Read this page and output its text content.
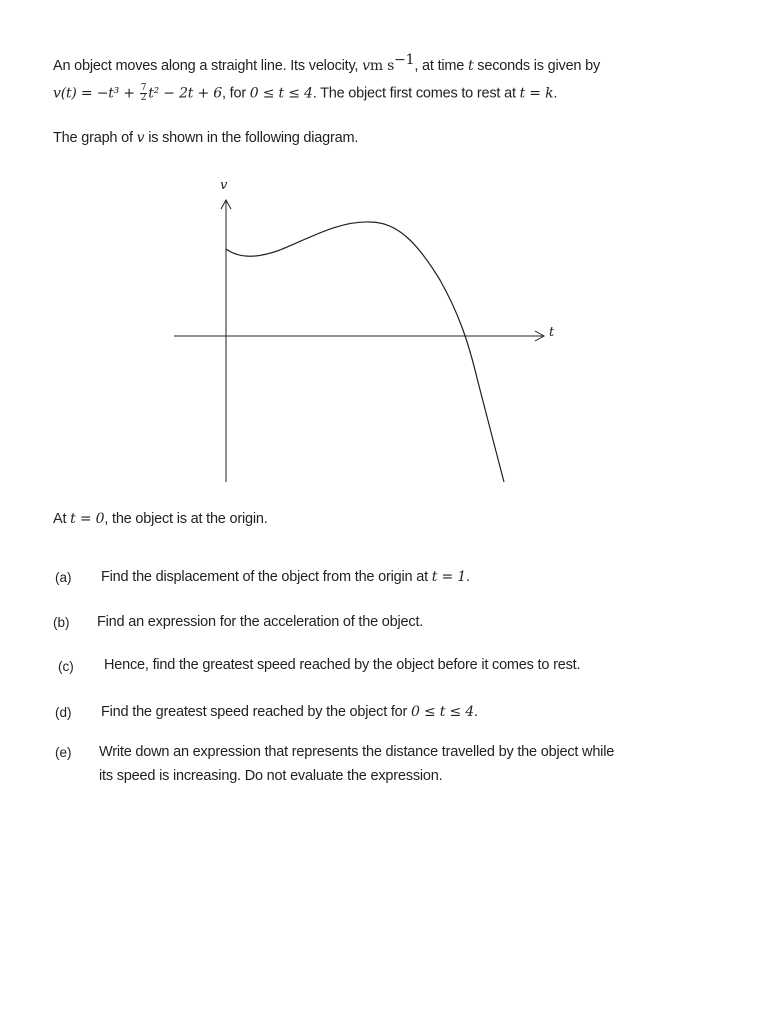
An object moves along a straight line. Its velocity, vm $s^{-1}$, at time t seconds is given by
$v(t) = -t^3 + \frac{7}{2} t^2 - 2t + 6$, for 0 ≤ t ≤ 4. The object first comes to rest at t = k.
The graph of v is shown in the following diagram.
v
t
At t = 0, the object is at the origin.
(a) Find the displacement of the object from the origin at t = 1.
(b) Find an expression for the acceleration of the object.
(c) Hence, find the greatest speed reached by the object before it comes to rest.
(d) Find the greatest speed reached by the object for 0 ≤ t ≤ 4.
(e) Write down an expression that represents the distance travelled by the object while
its speed is increasing. Do not evaluate the expression.
